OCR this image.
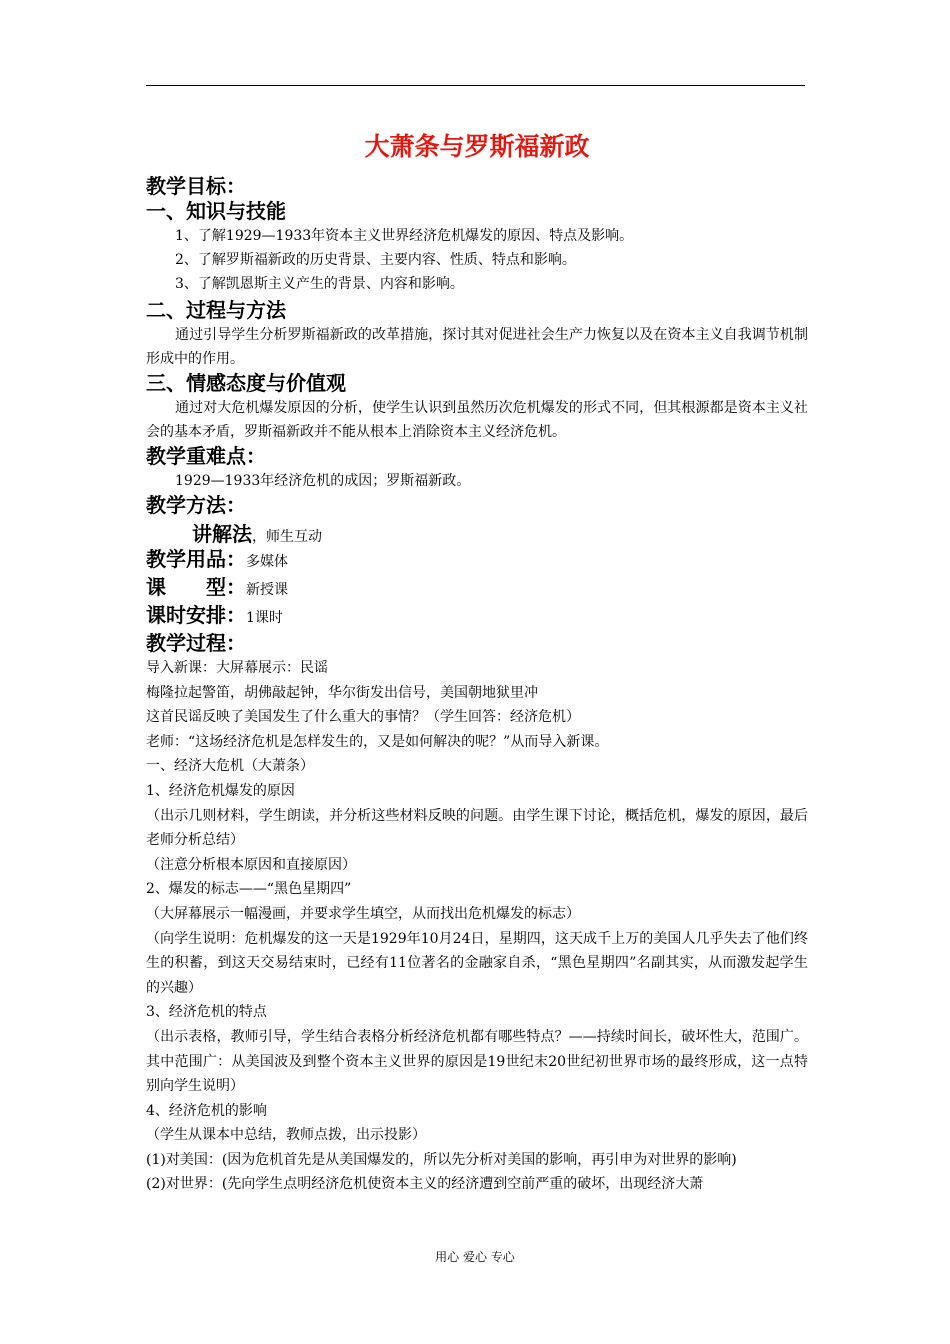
大萧条与罗斯福新政
教学目标：
一、知识与技能
1、了解1929—1933年资本主义世界经济危机爆发的原因、特点及影响。
2、了解罗斯福新政的历史背景、主要内容、性质、特点和影响。
3、了解凯恩斯主义产生的背景、内容和影响。
二、过程与方法
通过引导学生分析罗斯福新政的改革措施，探讨其对促进社会生产力恢复以及在资本主义自我调节机制形成中的作用。
三、情感态度与价值观
通过对大危机爆发原因的分析，使学生认识到虽然历次危机爆发的形式不同，但其根源都是资本主义社会的基本矛盾，罗斯福新政并不能从根本上消除资本主义经济危机。
教学重难点：
1929—1933年经济危机的成因；罗斯福新政。
教学方法：
讲解法，师生互动
教学用品：多媒体
课　　型：新授课
课时安排：1课时
教学过程：

导入新课：大屏幕展示：民谣

梅隆拉起警笛，胡佛敲起钟，华尔街发出信号，美国朝地狱里冲

这首民谣反映了美国发生了什么重大的事情？（学生回答：经济危机）

老师：“这场经济危机是怎样发生的，又是如何解决的呢？”从而导入新课。

一、经济大危机（大萧条）

1、经济危机爆发的原因

（出示几则材料，学生朗读，并分析这些材料反映的问题。由学生课下讨论，概括危机，爆发的原因，最后老师分析总结）

（注意分析根本原因和直接原因）

2、爆发的标志——“黑色星期四”

（大屏幕展示一幅漫画，并要求学生填空，从而找出危机爆发的标志）

（向学生说明：危机爆发的这一天是1929年10月24日，星期四，这天成千上万的美国人几乎失去了他们终生的积蓄，到这天交易结束时，已经有11位著名的金融家自杀，“黑色星期四”名副其实，从而激发起学生的兴趣）

3、经济危机的特点

（出示表格，教师引导，学生结合表格分析经济危机都有哪些特点？——持续时间长，破坏性大，范围广。其中范围广：从美国波及到整个资本主义世界的原因是19世纪末20世纪初世界市场的最终形成，这一点特别向学生说明）

4、经济危机的影响

（学生从课本中总结，教师点拨，出示投影）

(1)对美国：(因为危机首先是从美国爆发的，所以先分析对美国的影响，再引申为对世界的影响)

(2)对世界：(先向学生点明经济危机使资本主义的经济遭到空前严重的破坏，出现经济大萧

用心 爱心 专心
